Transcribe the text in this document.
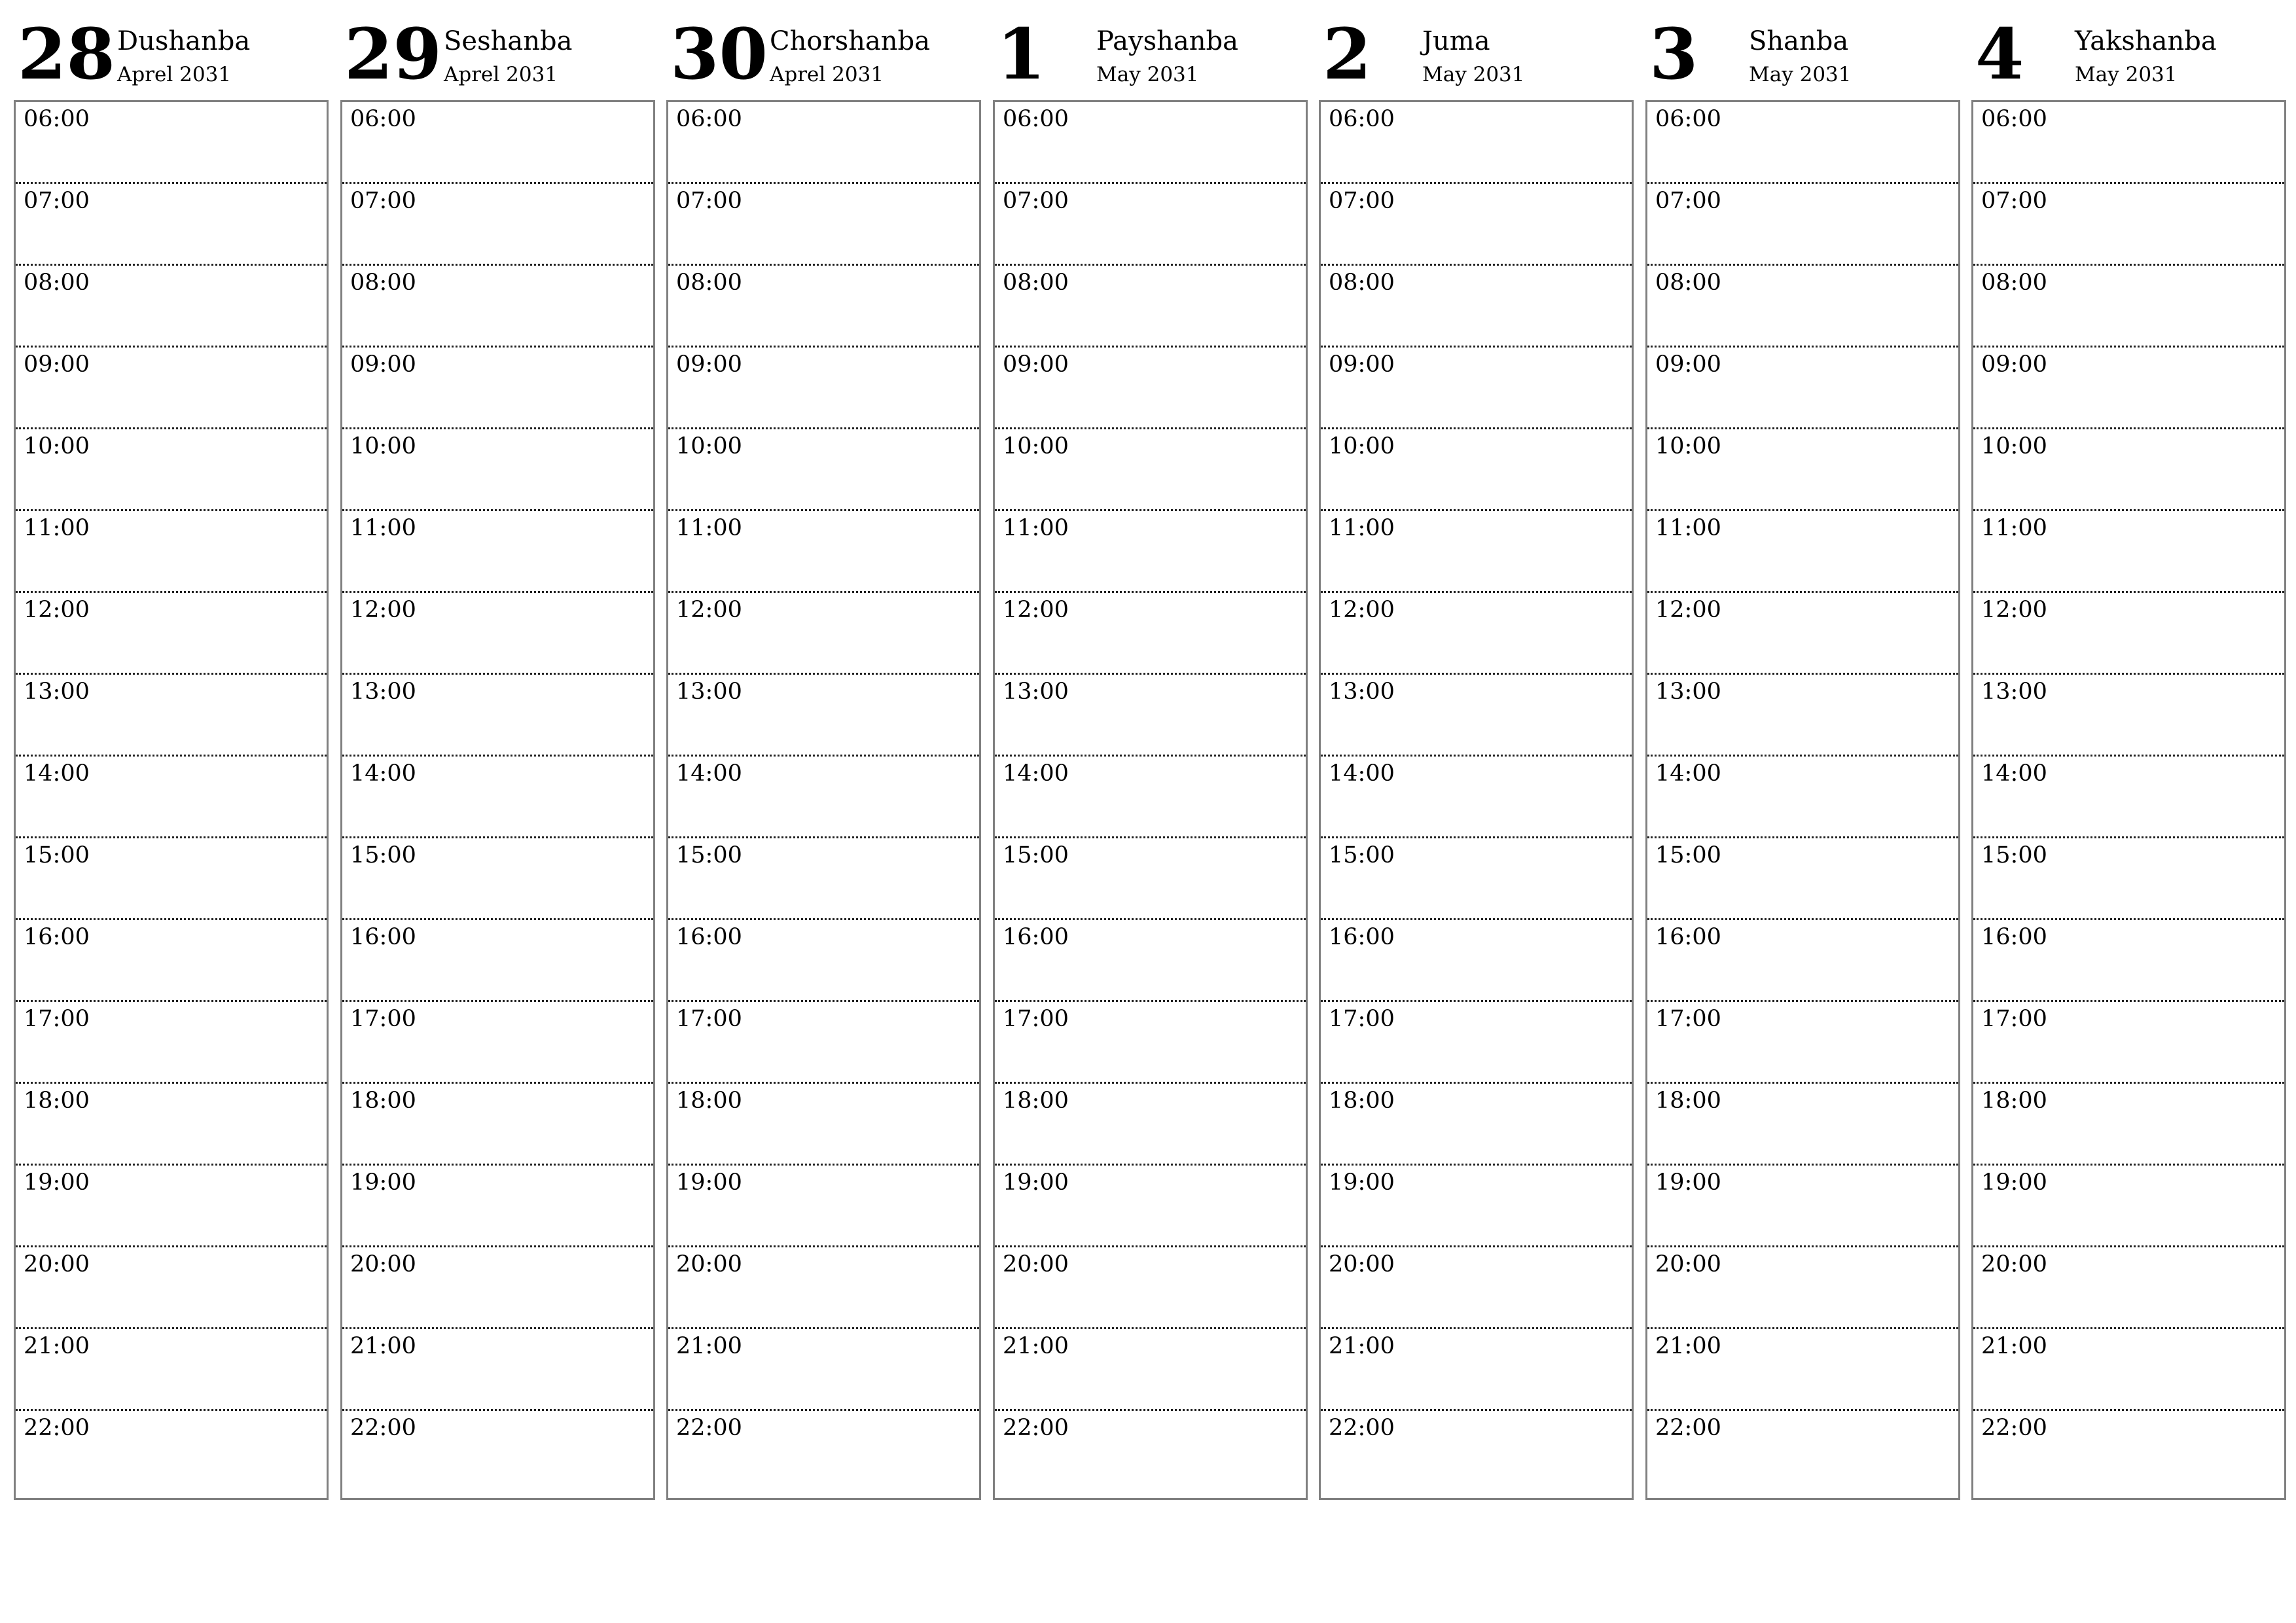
28 Dushanba
Aprel 2031
06:00
07:00
08:00
09:00
10:00
11:00
12:00
13:00
14:00
15:00
16:00
17:00
18:00
19:00
20:00
21:00
22:00
29 Seshanba
Aprel 2031
06:00
07:00
08:00
09:00
10:00
11:00
12:00
13:00
14:00
15:00
16:00
17:00
18:00
19:00
20:00
21:00
22:00
30 Chorshanba
Aprel 2031
06:00
07:00
08:00
09:00
10:00
11:00
12:00
13:00
14:00
15:00
16:00
17:00
18:00
19:00
20:00
21:00
22:00
1 Payshanba
May 2031
06:00
07:00
08:00
09:00
10:00
11:00
12:00
13:00
14:00
15:00
16:00
17:00
18:00
19:00
20:00
21:00
22:00
2 Juma
May 2031
06:00
07:00
08:00
09:00
10:00
11:00
12:00
13:00
14:00
15:00
16:00
17:00
18:00
19:00
20:00
21:00
22:00
3 Shanba
May 2031
06:00
07:00
08:00
09:00
10:00
11:00
12:00
13:00
14:00
15:00
16:00
17:00
18:00
19:00
20:00
21:00
22:00
4 Yakshanba
May 2031
06:00
07:00
08:00
09:00
10:00
11:00
12:00
13:00
14:00
15:00
16:00
17:00
18:00
19:00
20:00
21:00
22:00
